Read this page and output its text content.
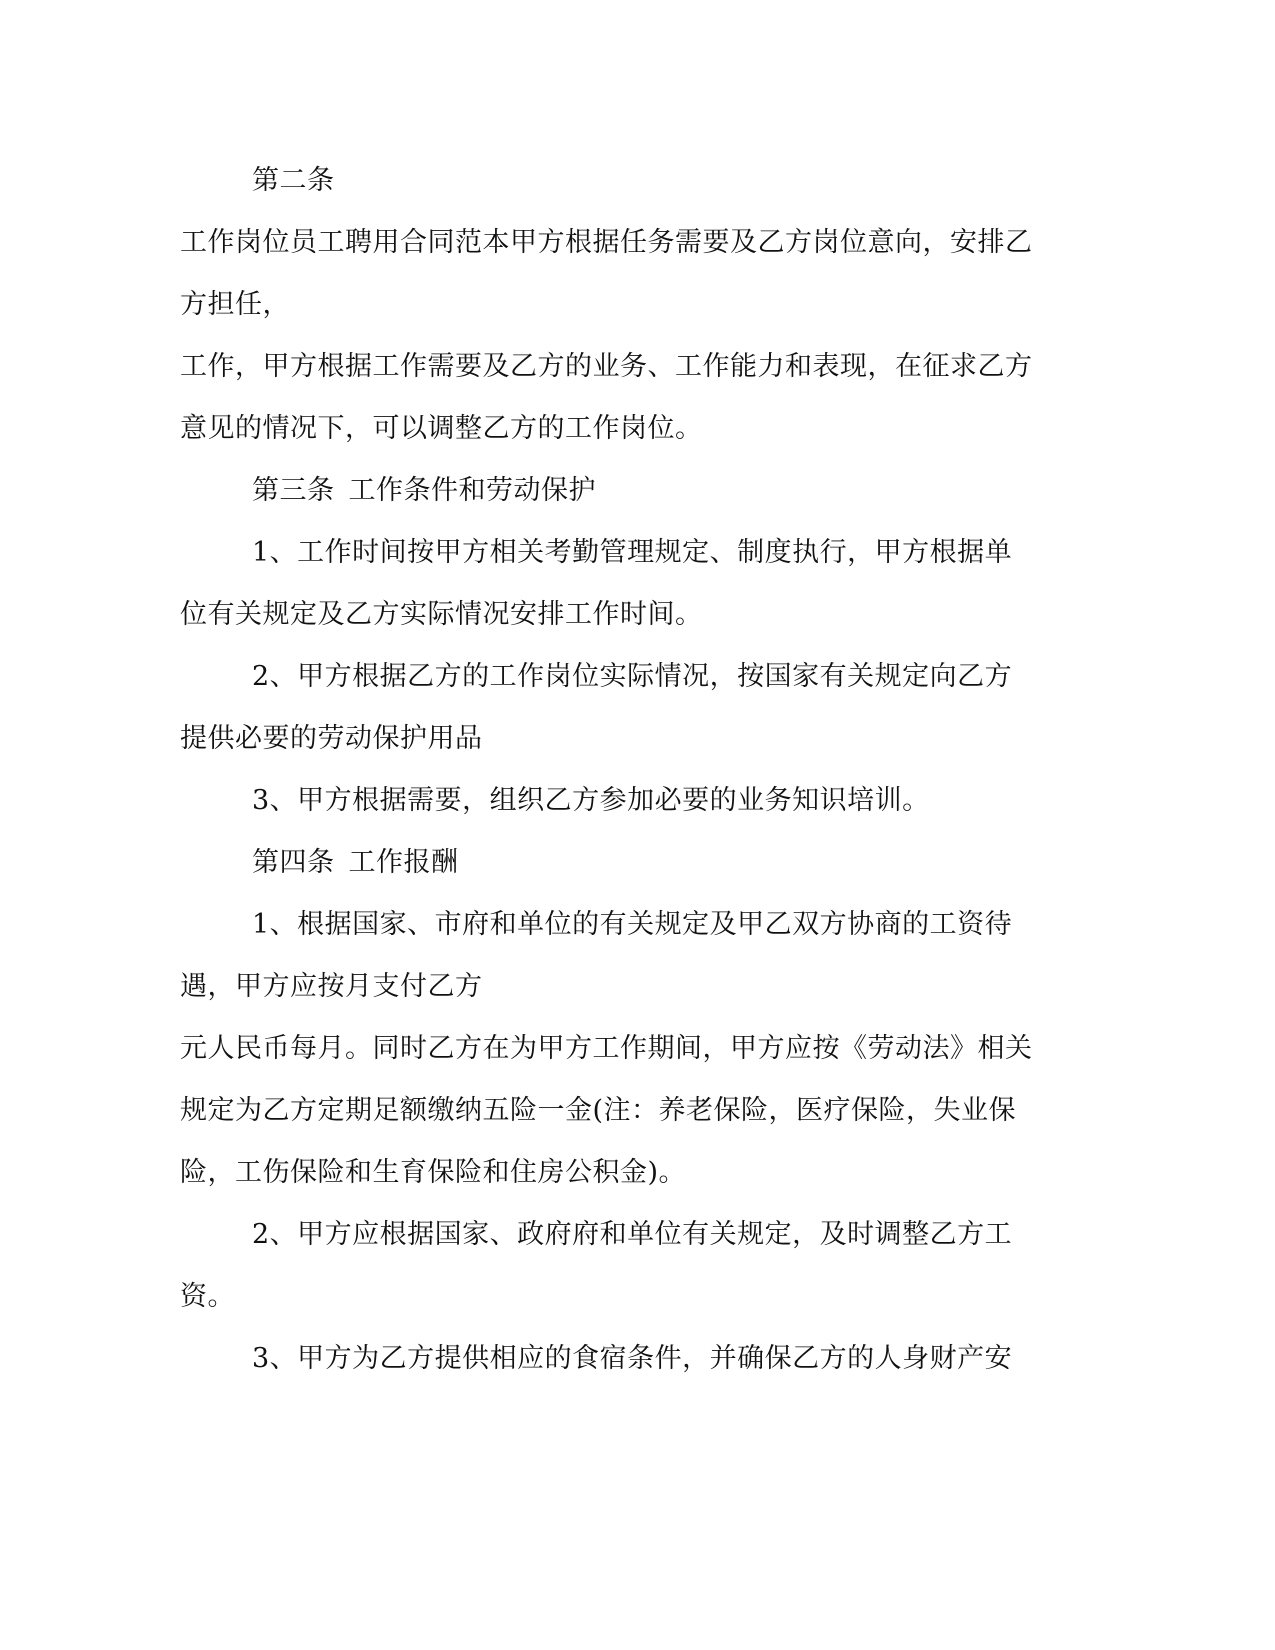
第二条
工作岗位员工聘用合同范本甲方根据任务需要及乙方岗位意向，安排乙
方担任，
工作，甲方根据工作需要及乙方的业务、工作能力和表现，在征求乙方
意见的情况下，可以调整乙方的工作岗位。
第三条 工作条件和劳动保护
1、工作时间按甲方相关考勤管理规定、制度执行，甲方根据单
位有关规定及乙方实际情况安排工作时间。
2、甲方根据乙方的工作岗位实际情况，按国家有关规定向乙方
提供必要的劳动保护用品
3、甲方根据需要，组织乙方参加必要的业务知识培训。
第四条 工作报酬
1、根据国家、市府和单位的有关规定及甲乙双方协商的工资待
遇，甲方应按月支付乙方
元人民币每月。同时乙方在为甲方工作期间，甲方应按《劳动法》相关
规定为乙方定期足额缴纳五险一金(注：养老保险，医疗保险，失业保
险，工伤保险和生育保险和住房公积金)。
2、甲方应根据国家、政府府和单位有关规定，及时调整乙方工
资。
3、甲方为乙方提供相应的食宿条件，并确保乙方的人身财产安
